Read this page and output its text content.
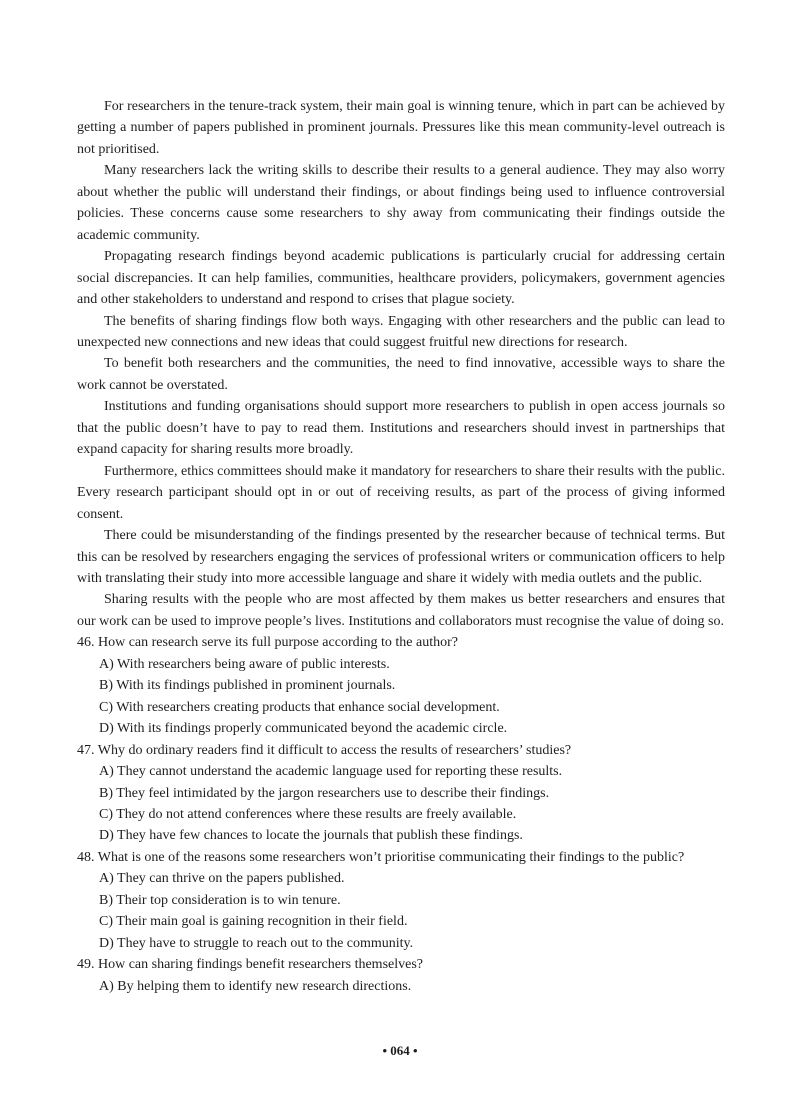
For researchers in the tenure-track system, their main goal is winning tenure, which in part can be achieved by getting a number of papers published in prominent journals. Pressures like this mean community-level outreach is not prioritised.

Many researchers lack the writing skills to describe their results to a general audience. They may also worry about whether the public will understand their findings, or about findings being used to influence controversial policies. These concerns cause some researchers to shy away from communicating their findings outside the academic community.

Propagating research findings beyond academic publications is particularly crucial for addressing certain social discrepancies. It can help families, communities, healthcare providers, policymakers, government agencies and other stakeholders to understand and respond to crises that plague society.

The benefits of sharing findings flow both ways. Engaging with other researchers and the public can lead to unexpected new connections and new ideas that could suggest fruitful new directions for research.

To benefit both researchers and the communities, the need to find innovative, accessible ways to share the work cannot be overstated.

Institutions and funding organisations should support more researchers to publish in open access journals so that the public doesn’t have to pay to read them. Institutions and researchers should invest in partnerships that expand capacity for sharing results more broadly.

Furthermore, ethics committees should make it mandatory for researchers to share their results with the public. Every research participant should opt in or out of receiving results, as part of the process of giving informed consent.

There could be misunderstanding of the findings presented by the researcher because of technical terms. But this can be resolved by researchers engaging the services of professional writers or communication officers to help with translating their study into more accessible language and share it widely with media outlets and the public.

Sharing results with the people who are most affected by them makes us better researchers and ensures that our work can be used to improve people’s lives. Institutions and collaborators must recognise the value of doing so.

46. How can research serve its full purpose according to the author?

A) With researchers being aware of public interests.
B) With its findings published in prominent journals.
C) With researchers creating products that enhance social development.
D) With its findings properly communicated beyond the academic circle.

47. Why do ordinary readers find it difficult to access the results of researchers’ studies?

A) They cannot understand the academic language used for reporting these results.
B) They feel intimidated by the jargon researchers use to describe their findings.
C) They do not attend conferences where these results are freely available.
D) They have few chances to locate the journals that publish these findings.

48. What is one of the reasons some researchers won’t prioritise communicating their findings to the public?

A) They can thrive on the papers published.
B) Their top consideration is to win tenure.
C) Their main goal is gaining recognition in their field.
D) They have to struggle to reach out to the community.

49. How can sharing findings benefit researchers themselves?

A) By helping them to identify new research directions.
• 064 •
